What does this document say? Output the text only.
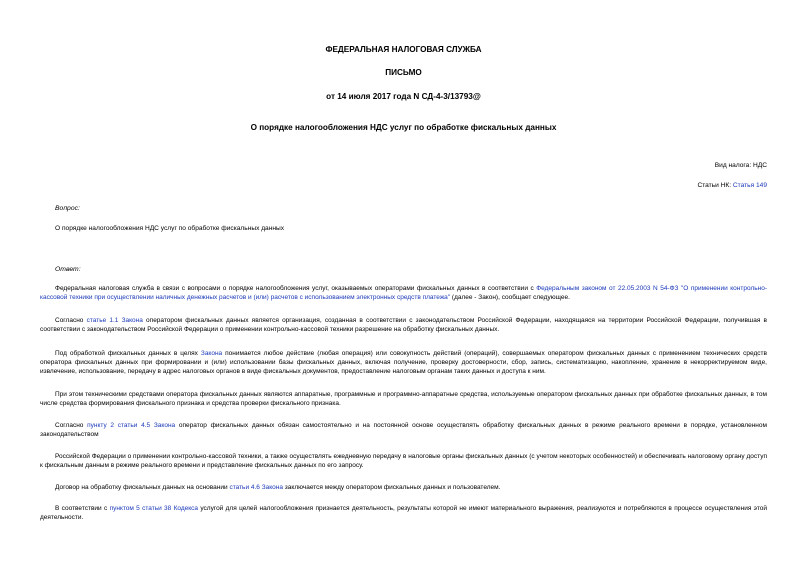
ФЕДЕРАЛЬНАЯ НАЛОГОВАЯ СЛУЖБА
ПИСЬМО
от 14 июля 2017 года N СД-4-3/13793@
О порядке налогообложения НДС услуг по обработке фискальных данных
Вид налога: НДС
Статьи НК: Статья 149
Вопрос:
О порядке налогообложения НДС услуг по обработке фискальных данных
Ответ:
Федеральная налоговая служба в связи с вопросами о порядке налогообложения услуг, оказываемых операторами фискальных данных в соответствии с Федеральным законом от 22.05.2003 N 54-ФЗ "О применении контрольно-кассовой техники при осуществлении наличных денежных расчетов и (или) расчетов с использованием электронных средств платежа" (далее - Закон), сообщает следующее.
Согласно статье 1.1 Закона оператором фискальных данных является организация, созданная в соответствии с законодательством Российской Федерации, находящаяся на территории Российской Федерации, получившая в соответствии с законодательством Российской Федерации о применении контрольно-кассовой техники разрешение на обработку фискальных данных.
Под обработкой фискальных данных в целях Закона понимается любое действие (любая операция) или совокупность действий (операций), совершаемых оператором фискальных данных с применением технических средств оператора фискальных данных при формировании и (или) использовании базы фискальных данных, включая получение, проверку достоверности, сбор, запись, систематизацию, накопление, хранение в некорректируемом виде, извлечение, использование, передачу в адрес налоговых органов в виде фискальных документов, предоставление налоговым органам таких данных и доступа к ним.
При этом техническими средствами оператора фискальных данных являются аппаратные, программные и программно-аппаратные средства, используемые оператором фискальных данных при обработке фискальных данных, в том числе средства формирования фискального признака и средства проверки фискального признака.
Согласно пункту 2 статьи 4.5 Закона оператор фискальных данных обязан самостоятельно и на постоянной основе осуществлять обработку фискальных данных в режиме реального времени в порядке, установленном законодательством
Российской Федерации о применении контрольно-кассовой техники, а также осуществлять ежедневную передачу в налоговые органы фискальных данных (с учетом некоторых особенностей) и обеспечивать налоговому органу доступ к фискальным данным в режиме реального времени и представление фискальных данных по его запросу.
Договор на обработку фискальных данных на основании статьи 4.6 Закона заключается между оператором фискальных данных и пользователем.
В соответствии с пунктом 5 статьи 38 Кодекса услугой для целей налогообложения признается деятельность, результаты которой не имеют материального выражения, реализуются и потребляются в процессе осуществления этой деятельности.
